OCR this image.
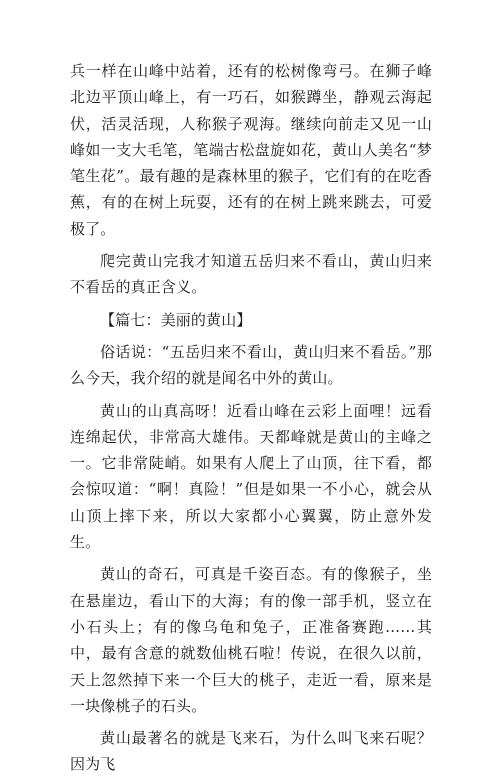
兵一样在山峰中站着，还有的松树像弯弓。在狮子峰北边平顶山峰上，有一巧石，如猴蹲坐，静观云海起伏，活灵活现，人称猴子观海。继续向前走又见一山峰如一支大毛笔，笔端古松盘旋如花，黄山人美名“梦笔生花”。最有趣的是森林里的猴子，它们有的在吃香蕉，有的在树上玩耍，还有的在树上跳来跳去，可爱极了。

爬完黄山完我才知道五岳归来不看山，黄山归来不看岳的真正含义。

【篇七：美丽的黄山】

俗话说：“五岳归来不看山，黄山归来不看岳。”那么今天，我介绍的就是闻名中外的黄山。

黄山的山真高呀！近看山峰在云彩上面哩！远看连绵起伏，非常高大雄伟。天都峰就是黄山的主峰之一。它非常陡峭。如果有人爬上了山顶，往下看，都会惊叹道：“啊！真险！”但是如果一不小心，就会从山顶上摔下来，所以大家都小心翼翼，防止意外发生。

黄山的奇石，可真是千姿百态。有的像猴子，坐在悬崖边，看山下的大海；有的像一部手机，竖立在小石头上；有的像乌龟和兔子，正准备赛跑……其中，最有含意的就数仙桃石啦！传说，在很久以前，天上忽然掉下来一个巨大的桃子，走近一看，原来是一块像桃子的石头。

黄山最著名的就是飞来石，为什么叫飞来石呢？因为飞
